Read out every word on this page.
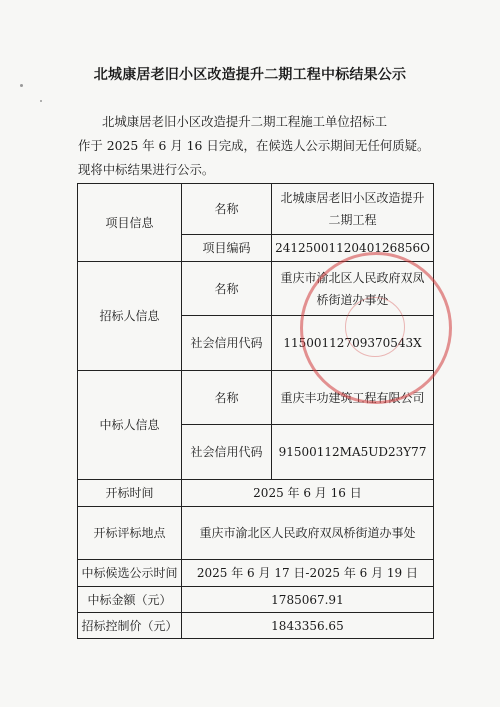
北城康居老旧小区改造提升二期工程中标结果公示

北城康居老旧小区改造提升二期工程施工单位招标工

作于 2025 年 6 月 16 日完成，在候选人公示期间无任何质疑。

现将中标结果进行公示。

项目信息	名称	北城康居老旧小区改造提升二期工程
	项目编码	2412500112040126856O
招标人信息	名称	重庆市渝北区人民政府双凤桥街道办事处
	社会信用代码	11500112709370543X
中标人信息	名称	重庆丰功建筑工程有限公司
	社会信用代码	91500112MA5UD23Y77
开标时间	2025 年 6 月 16 日	
开标评标地点	重庆市渝北区人民政府双凤桥街道办事处	
中标候选公示时间	2025 年 6 月 17 日-2025 年 6 月 19 日	
中标金额（元）	1785067.91	
招标控制价（元）	1843356.65	
